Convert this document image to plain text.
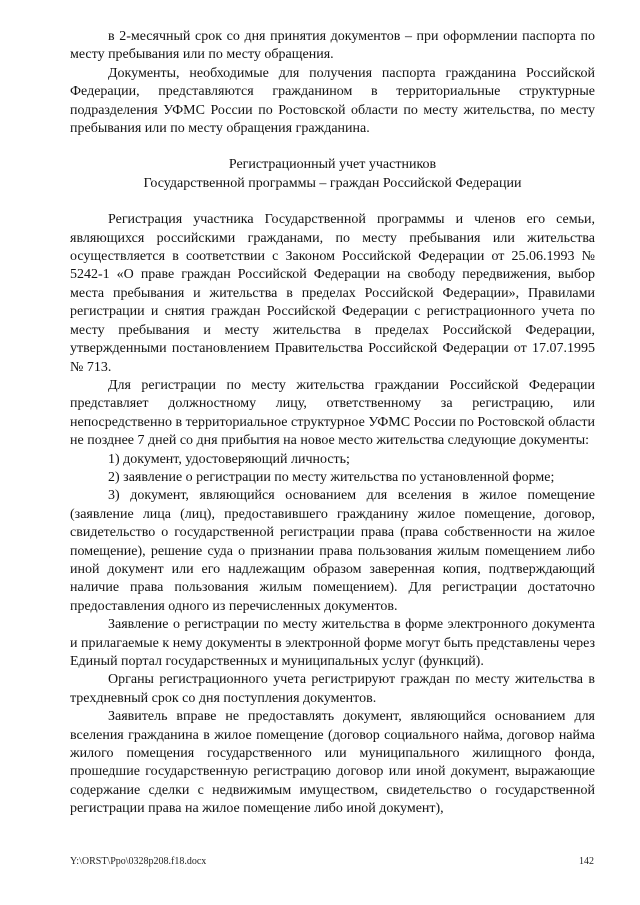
в 2-месячный срок со дня принятия документов – при оформлении паспорта по месту пребывания или по месту обращения.

Документы, необходимые для получения паспорта гражданина Российской Федерации, представляются гражданином в территориальные структурные подразделения УФМС России по Ростовской области по месту жительства, по месту пребывания или по месту обращения гражданина.

Регистрационный учет участников

Государственной программы – граждан Российской Федерации

Регистрация участника Государственной программы и членов его семьи, являющихся российскими гражданами, по месту пребывания или жительства осуществляется в соответствии с Законом Российской Федерации от 25.06.1993 № 5242-1 «О праве граждан Российской Федерации на свободу передвижения, выбор места пребывания и жительства в пределах Российской Федерации», Правилами регистрации и снятия граждан Российской Федерации с регистрационного учета по месту пребывания и месту жительства в пределах Российской Федерации, утвержденными постановлением Правительства Российской Федерации от 17.07.1995 № 713.

Для регистрации по месту жительства граждании Российской Федерации представляет должностному лицу, ответственному за регистрацию, или непосредственно в территориальное структурное УФМС России по Ростовской области не позднее 7 дней со дня прибытия на новое место жительства следующие документы:

1) документ, удостоверяющий личность;

2) заявление о регистрации по месту жительства по установленной форме;

3) документ, являющийся основанием для вселения в жилое помещение (заявление лица (лиц), предоставившего гражданину жилое помещение, договор, свидетельство о государственной регистрации права (права собственности на жилое помещение), решение суда о признании права пользования жилым помещением либо иной документ или его надлежащим образом заверенная копия, подтверждающий наличие права пользования жилым помещением). Для регистрации достаточно предоставления одного из перечисленных документов.

Заявление о регистрации по месту жительства в форме электронного документа и прилагаемые к нему документы в электронной форме могут быть представлены через Единый портал государственных и муниципальных услуг (функций).

Органы регистрационного учета регистрируют граждан по месту жительства в трехдневный срок со дня поступления документов.

Заявитель вправе не предоставлять документ, являющийся основанием для вселения гражданина в жилое помещение (договор социального найма, договор найма жилого помещения государственного или муниципального жилищного фонда, прошедшие государственную регистрацию договор или иной документ, выражающие содержание сделки с недвижимым имуществом, свидетельство о государственной регистрации права на жилое помещение либо иной документ),

Y:\ORST\Ppo\0328p208.f18.docx	142
